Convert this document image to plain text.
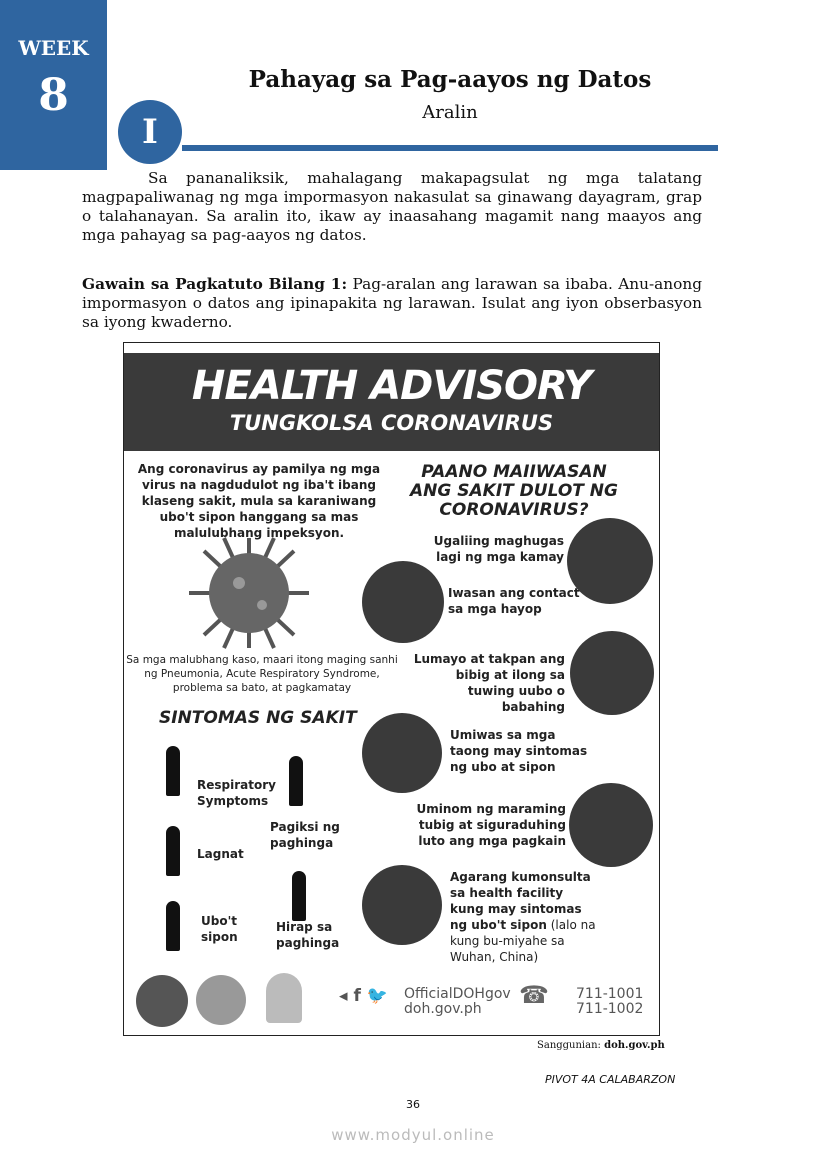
WEEK
8	Pahayag sa Pag-aayos ng Datos
Aralin
I

Sa pananaliksik, mahalagang makapagsulat ng mga talatang magpapaliwanag ng mga impormasyon nakasulat sa ginawang dayagram, grap o talahanayan. Sa aralin ito, ikaw ay inaasahang magamit nang maayos ang mga pahayag sa pag-aayos ng datos.

Gawain sa Pagkatuto Bilang 1: Pag-aralan ang larawan sa ibaba. Anu-anong impormasyon o datos ang ipinapakita ng larawan. Isulat ang iyon obserbasyon sa iyong kwaderno.

HEALTH ADVISORY
TUNGKOLSA CORONAVIRUS
Ang coronavirus ay pamilya ng mga virus na nagdudulot ng iba't ibang klaseng sakit, mula sa karaniwang ubo't sipon hanggang sa mas malulubhang impeksyon.
Sa mga malubhang kaso, maari itong maging sanhi ng Pneumonia, Acute Respiratory Syndrome, problema sa bato, at pagkamatay
PAANO MAIIWASAN ANG SAKIT DULOT NG CORONAVIRUS?
Ugaliing maghugas lagi ng mga kamay
Iwasan ang contact sa mga hayop
Lumayo at takpan ang bibig at ilong sa tuwing uubo o babahing
Umiwas sa mga taong may sintomas ng ubo at sipon
Uminom ng maraming tubig at siguraduhing luto ang mga pagkain
Agarang kumonsulta sa health facility kung may sintomas ng ubo't sipon (lalo na kung bu-miyahe sa Wuhan, China)
SINTOMAS NG SAKIT
Respiratory Symptoms
Lagnat
Ubo't sipon
Pagiksi ng paghinga
Hirap sa paghinga
◂ f 🐦 OfficialDOHgov
doh.gov.ph	☎ 711-1001
711-1002
Sanggunian: doh.gov.ph
PIVOT 4A CALABARZON
36
www.modyul.online
